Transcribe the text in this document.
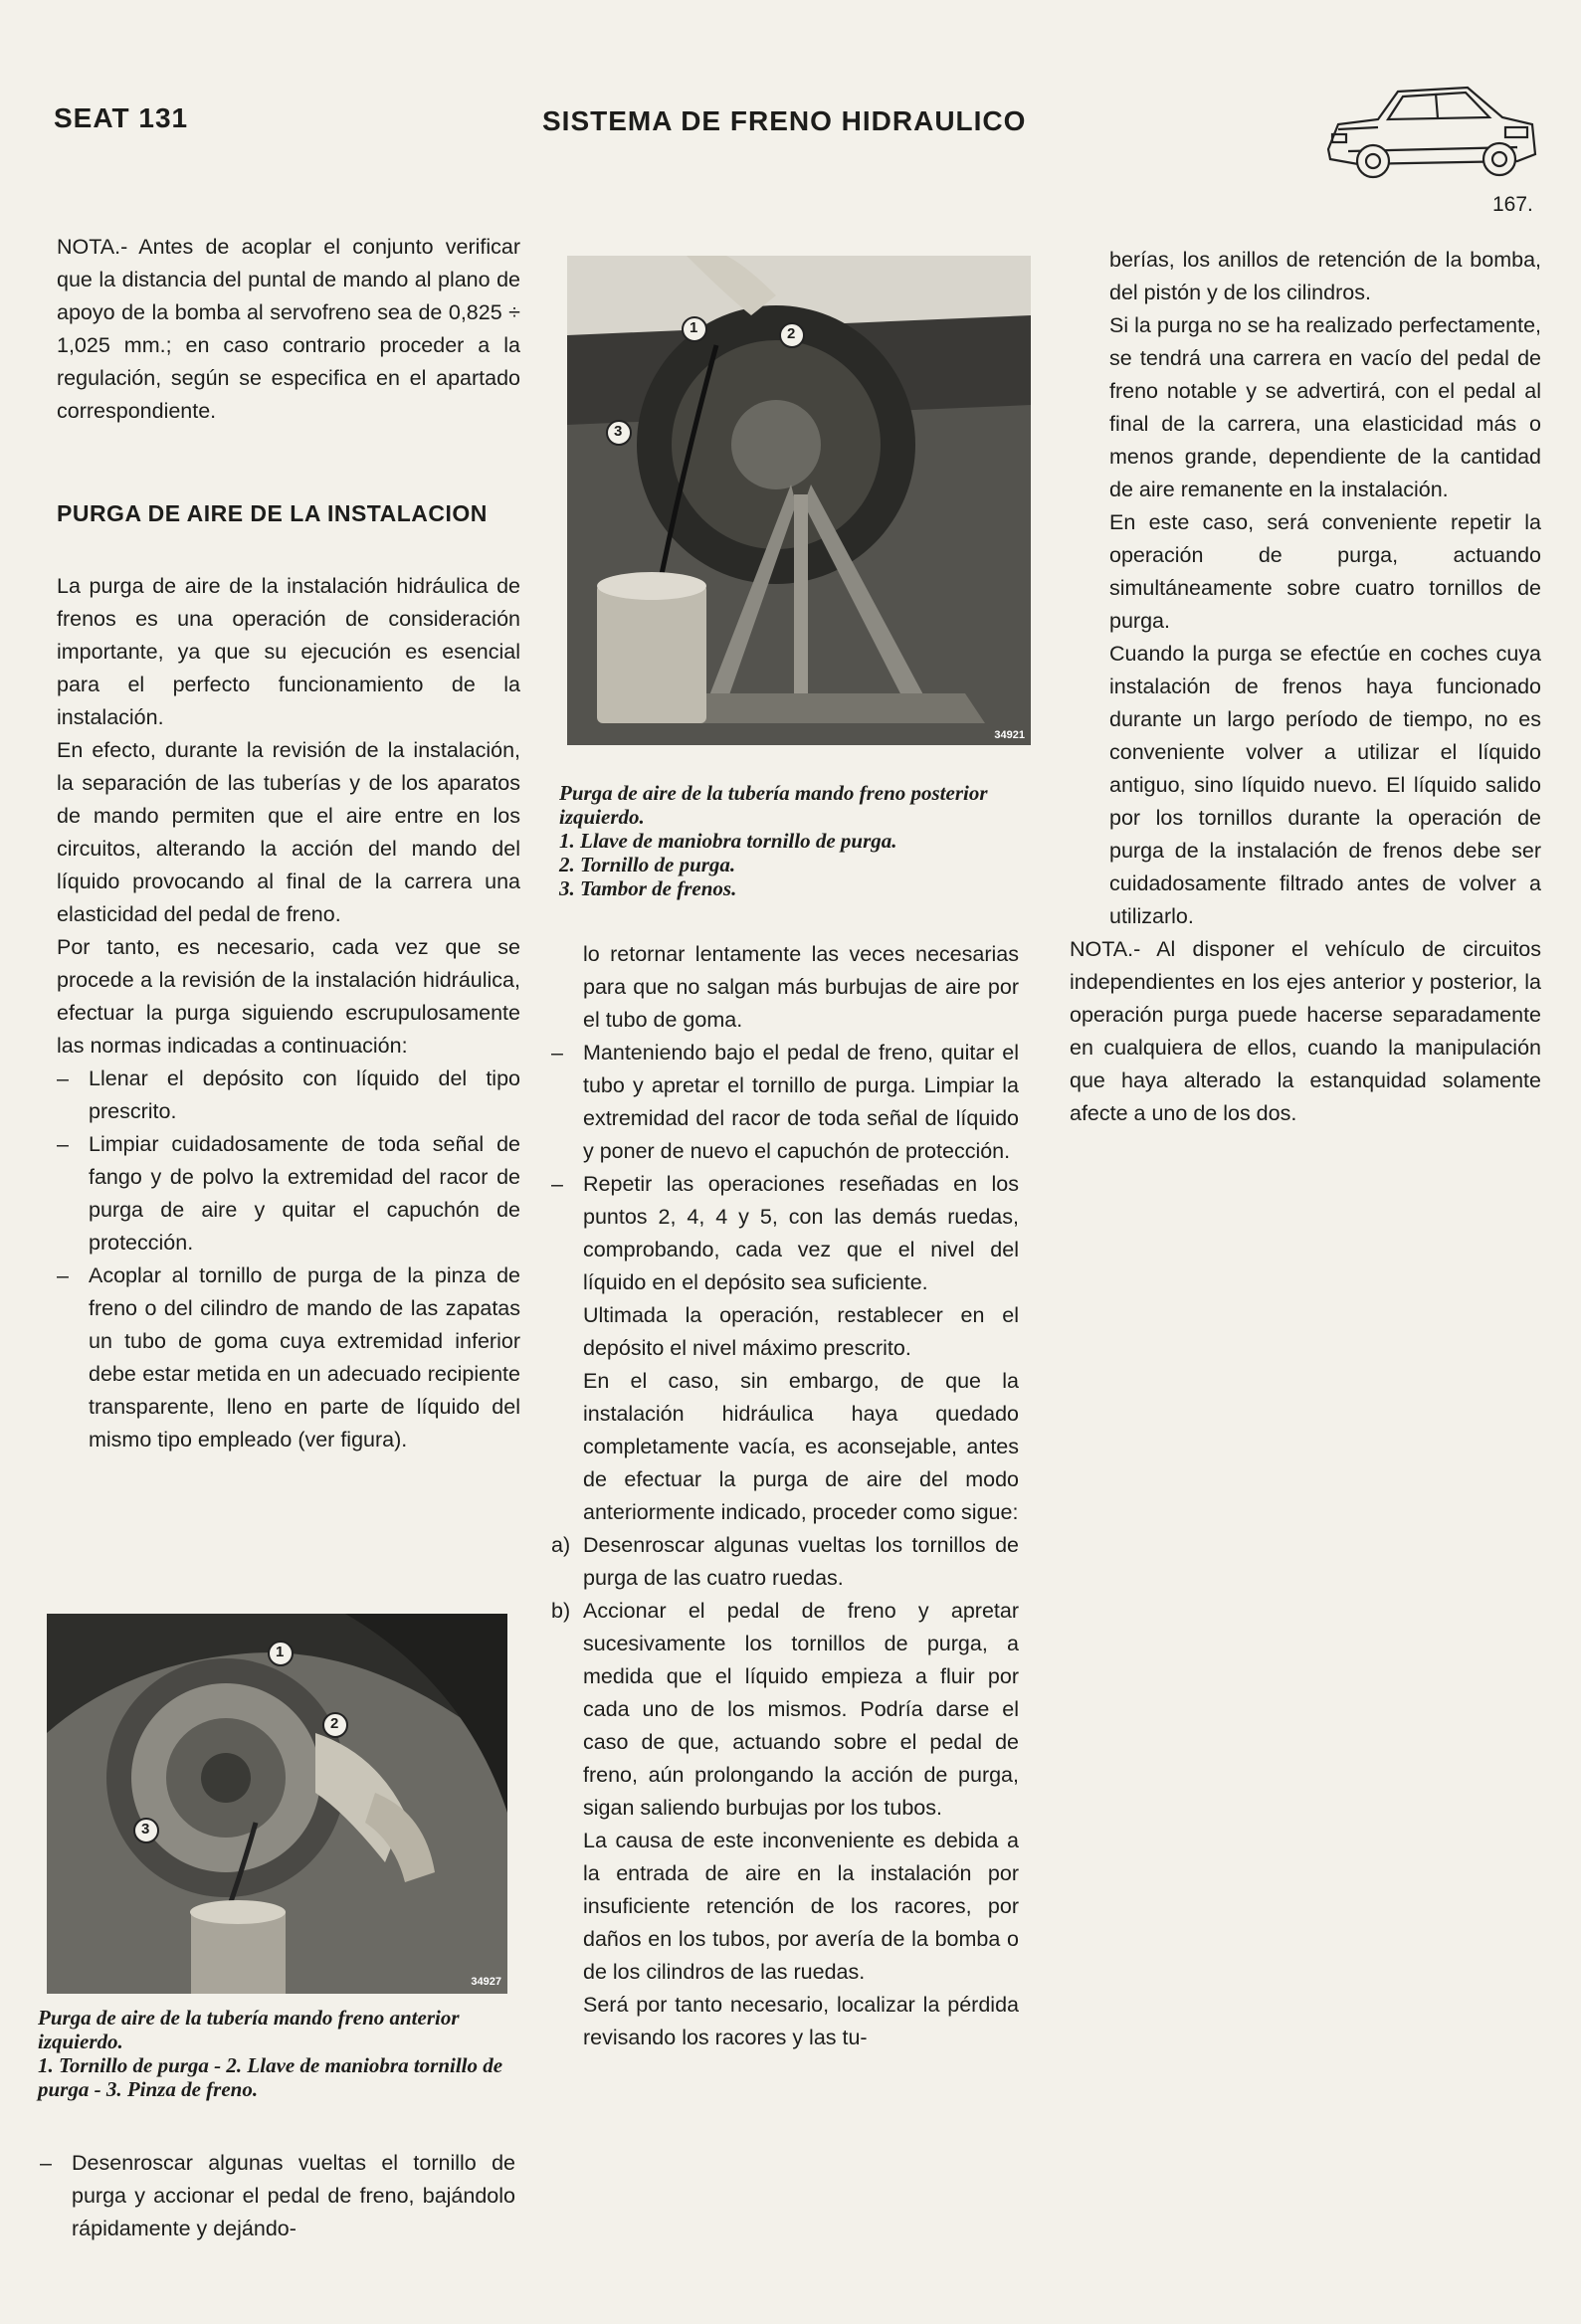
SEAT 131	SISTEMA DE FRENO HIDRAULICO
167.

NOTA.- Antes de acoplar el conjunto verificar que la distancia del puntal de mando al plano de apoyo de la bomba al servofreno sea de 0,825 ÷ 1,025 mm.; en caso contrario proceder a la regulación, según se especifica en el apartado correspondiente.

PURGA DE AIRE DE LA INSTALACION

La purga de aire de la instalación hidráulica de frenos es una operación de consideración importante, ya que su ejecución es esencial para el perfecto funcionamiento de la instalación.

En efecto, durante la revisión de la instalación, la separación de las tuberías y de los aparatos de mando permiten que el aire entre en los circuitos, alterando la acción del mando del líquido provocando al final de la carrera una elasticidad del pedal de freno.

Por tanto, es necesario, cada vez que se procede a la revisión de la instalación hidráulica, efectuar la purga siguiendo escrupulosamente las normas indicadas a continuación:

– Llenar el depósito con líquido del tipo prescrito.
– Limpiar cuidadosamente de toda señal de fango y de polvo la extremidad del racor de purga de aire y quitar el capuchón de protección.
– Acoplar al tornillo de purga de la pinza de freno o del cilindro de mando de las zapatas un tubo de goma cuya extremidad inferior debe estar metida en un adecuado recipiente transparente, lleno en parte de líquido del mismo tipo empleado (ver figura).
1
2
3
34927
Purga de aire de la tubería mando freno anterior izquierdo.
1. Tornillo de purga - 2. Llave de maniobra tornillo de purga - 3. Pinza de freno.
– Desenroscar algunas vueltas el tornillo de purga y accionar el pedal de freno, bajándolo rápidamente y dejándo-
1	2
3
34921
Purga de aire de la tubería mando freno posterior izquierdo.
1. Llave de maniobra tornillo de purga.
2. Tornillo de purga.
3. Tambor de frenos.

lo retornar lentamente las veces necesarias para que no salgan más burbujas de aire por el tubo de goma.

– Manteniendo bajo el pedal de freno, quitar el tubo y apretar el tornillo de purga. Limpiar la extremidad del racor de toda señal de líquido y poner de nuevo el capuchón de protección.
– Repetir las operaciones reseñadas en los puntos 2, 4, 4 y 5, con las demás ruedas, comprobando, cada vez que el nivel del líquido en el depósito sea suficiente.

Ultimada la operación, restablecer en el depósito el nivel máximo prescrito.

En el caso, sin embargo, de que la instalación hidráulica haya quedado completamente vacía, es aconsejable, antes de efectuar la purga de aire del modo anteriormente indicado, proceder como sigue:

a) Desenroscar algunas vueltas los tornillos de purga de las cuatro ruedas.
b) Accionar el pedal de freno y apretar sucesivamente los tornillos de purga, a medida que el líquido empieza a fluir por cada uno de los mismos. Podría darse el caso de que, actuando sobre el pedal de freno, aún prolongando la acción de purga, sigan saliendo burbujas por los tubos.

La causa de este inconveniente es debida a la entrada de aire en la instalación por insuficiente retención de los racores, por daños en los tubos, por avería de la bomba o de los cilindros de las ruedas.

Será por tanto necesario, localizar la pérdida revisando los racores y las tu-

berías, los anillos de retención de la bomba, del pistón y de los cilindros.

Si la purga no se ha realizado perfectamente, se tendrá una carrera en vacío del pedal de freno notable y se advertirá, con el pedal al final de la carrera, una elasticidad más o menos grande, dependiente de la cantidad de aire remanente en la instalación.

En este caso, será conveniente repetir la operación de purga, actuando simultáneamente sobre cuatro tornillos de purga.

Cuando la purga se efectúe en coches cuya instalación de frenos haya funcionado durante un largo período de tiempo, no es conveniente volver a utilizar el líquido antiguo, sino líquido nuevo. El líquido salido por los tornillos durante la operación de purga de la instalación de frenos debe ser cuidadosamente filtrado antes de volver a utilizarlo.

NOTA.- Al disponer el vehículo de circuitos independientes en los ejes anterior y posterior, la operación purga puede hacerse separadamente en cualquiera de ellos, cuando la manipulación que haya alterado la estanquidad solamente afecte a uno de los dos.
